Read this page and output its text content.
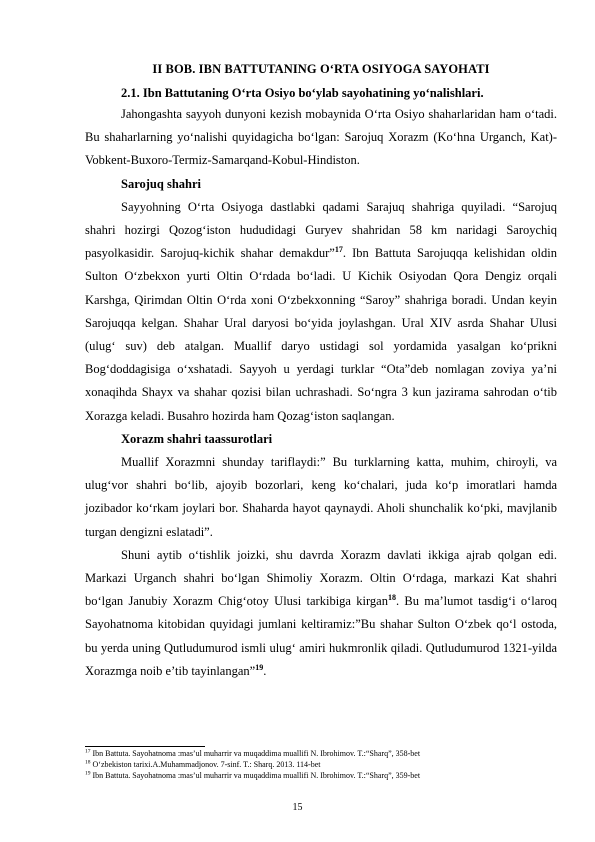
II BOB. IBN BATTUTANING O‘RTA OSIYOGA SAYOHATI
2.1. Ibn Battutaning O‘rta Osiyo bo‘ylab sayohatining yo‘nalishlari.

Jahongashta sayyoh dunyoni kezish mobaynida O‘rta Osiyo shaharlaridan ham o‘tadi. Bu shaharlarning yo‘nalishi quyidagicha bo‘lgan: Sarojuq Xorazm (Ko‘hna Urganch, Kat)-Vobkent-Buxoro-Termiz-Samarqand-Kobul-Hindiston.

Sarojuq shahri

Sayyohning O‘rta Osiyoga dastlabki qadami Sarajuq shahriga quyiladi. “Sarojuq shahri hozirgi Qozog‘iston hududidagi Guryev shahridan 58 km naridagi Saroychiq pasyolkasidir. Sarojuq-kichik shahar demakdur”$^{17}$. Ibn Battuta Sarojuqqa kelishidan oldin Sulton O‘zbekxon yurti Oltin O‘rdada bo‘ladi. U Kichik Osiyodan Qora Dengiz orqali Karshga, Qirimdan Oltin O‘rda xoni O‘zbekxonning “Saroy” shahriga boradi. Undan keyin Sarojuqqa kelgan. Shahar Ural daryosi bo‘yida joylashgan. Ural XIV asrda Shahar Ulusi (ulug‘ suv) deb atalgan. Muallif daryo ustidagi sol yordamida yasalgan ko‘prikni Bog‘doddagisiga o‘xshatadi. Sayyoh u yerdagi turklar “Ota”deb nomlagan zoviya ya’ni xonaqihda Shayx va shahar qozisi bilan uchrashadi. So‘ngra 3 kun jazirama sahrodan o‘tib Xorazga keladi. Busahro hozirda ham Qozag‘iston saqlangan.

Xorazm shahri taassurotlari

Muallif Xorazmni shunday tariflaydi:” Bu turklarning katta, muhim, chiroyli, va ulug‘vor shahri bo‘lib, ajoyib bozorlari, keng ko‘chalari, juda ko‘p imoratlari hamda jozibador ko‘rkam joylari bor. Shaharda hayot qaynaydi. Aholi shunchalik ko‘pki, mavjlanib turgan dengizni eslatadi”.

Shuni aytib o‘tishlik joizki, shu davrda Xorazm davlati ikkiga ajrab qolgan edi. Markazi Urganch shahri bo‘lgan Shimoliy Xorazm. Oltin O‘rdaga, markazi Kat shahri bo‘lgan Janubiy Xorazm Chig‘otoy Ulusi tarkibiga kirgan$^{18}$. Bu ma’lumot tasdig‘i o‘laroq Sayohatnoma kitobidan quyidagi jumlani keltiramiz:”Bu shahar Sulton O‘zbek qo‘l ostoda, bu yerda uning Qutludumurod ismli ulug‘ amiri hukmronlik qiladi. Qutludumurod 1321-yilda Xorazmga noib e’tib tayinlangan”$^{19}$.

$^{17}$ Ibn Battuta. Sayohatnoma :mas’ul muharrir va muqaddima muallifi N. Ibrohimov. T.:“Sharq”, 358-bet
$^{18}$ O‘zbekiston tarixi.A.Muhammadjonov. 7-sinf. T.: Sharq. 2013. 114-bet
$^{19}$ Ibn Battuta. Sayohatnoma :mas’ul muharrir va muqaddima muallifi N. Ibrohimov. T.:“Sharq”, 359-bet
15
